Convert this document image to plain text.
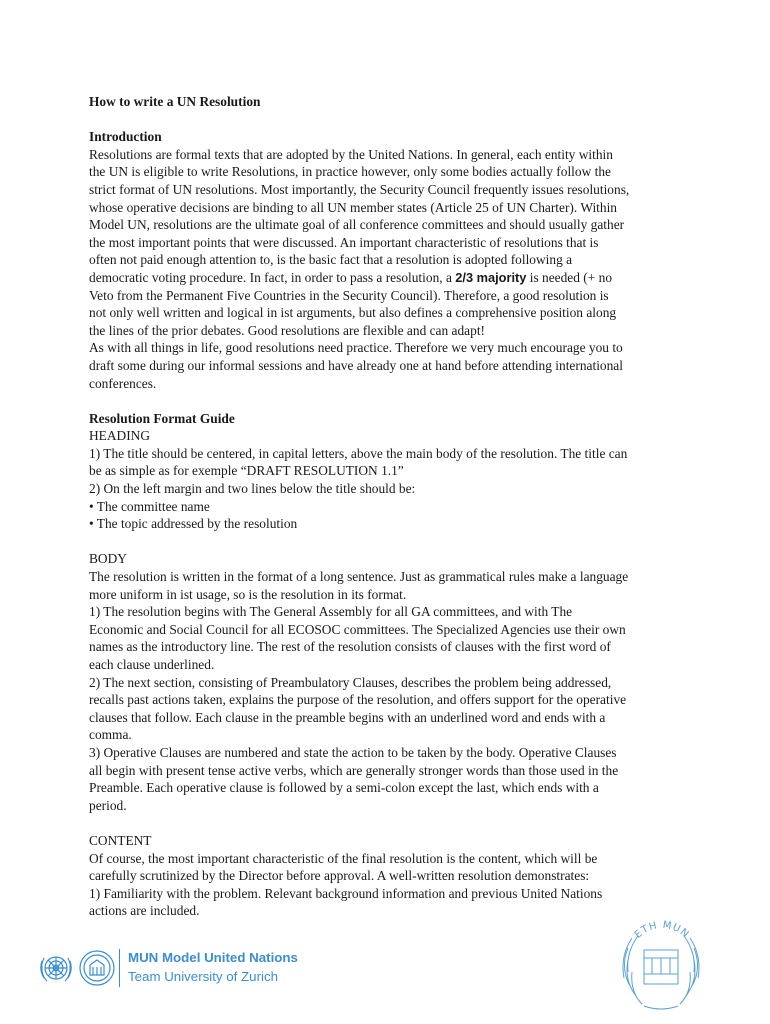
How to write a UN Resolution
Introduction
Resolutions are formal texts that are adopted by the United Nations. In general, each entity within
the UN is eligible to write Resolutions, in practice however, only some bodies actually follow the
strict format of UN resolutions. Most importantly, the Security Council frequently issues resolutions,
whose operative decisions are binding to all UN member states (Article 25 of UN Charter). Within
Model UN, resolutions are the ultimate goal of all conference committees and should usually gather
the most important points that were discussed. An important characteristic of resolutions that is
often not paid enough attention to, is the basic fact that a resolution is adopted following a
democratic voting procedure. In fact, in order to pass a resolution, a 2/3 majority is needed (+ no
Veto from the Permanent Five Countries in the Security Council). Therefore, a good resolution is
not only well written and logical in ist arguments, but also defines a comprehensive position along
the lines of the prior debates. Good resolutions are flexible and can adapt!
As with all things in life, good resolutions need practice. Therefore we very much encourage you to
draft some during our informal sessions and have already one at hand before attending international
conferences.
Resolution Format Guide
HEADING
1) The title should be centered, in capital letters, above the main body of the resolution. The title can
be as simple as for exemple “DRAFT RESOLUTION 1.1”
2) On the left margin and two lines below the title should be:
• The committee name
• The topic addressed by the resolution
BODY
The resolution is written in the format of a long sentence. Just as grammatical rules make a language
more uniform in ist usage, so is the resolution in its format.
1) The resolution begins with The General Assembly for all GA committees, and with The
Economic and Social Council for all ECOSOC committees. The Specialized Agencies use their own
names as the introductory line. The rest of the resolution consists of clauses with the first word of
each clause underlined.
2) The next section, consisting of Preambulatory Clauses, describes the problem being addressed,
recalls past actions taken, explains the purpose of the resolution, and offers support for the operative
clauses that follow. Each clause in the preamble begins with an underlined word and ends with a
comma.
3) Operative Clauses are numbered and state the action to be taken by the body. Operative Clauses
all begin with present tense active verbs, which are generally stronger words than those used in the
Preamble. Each operative clause is followed by a semi-colon except the last, which ends with a
period.
CONTENT
Of course, the most important characteristic of the final resolution is the content, which will be
carefully scrutinized by the Director before approval. A well-written resolution demonstrates:
1) Familiarity with the problem. Relevant background information and previous United Nations
actions are included.
MUN Model United Nations
Team University of Zurich
ETH MUN
